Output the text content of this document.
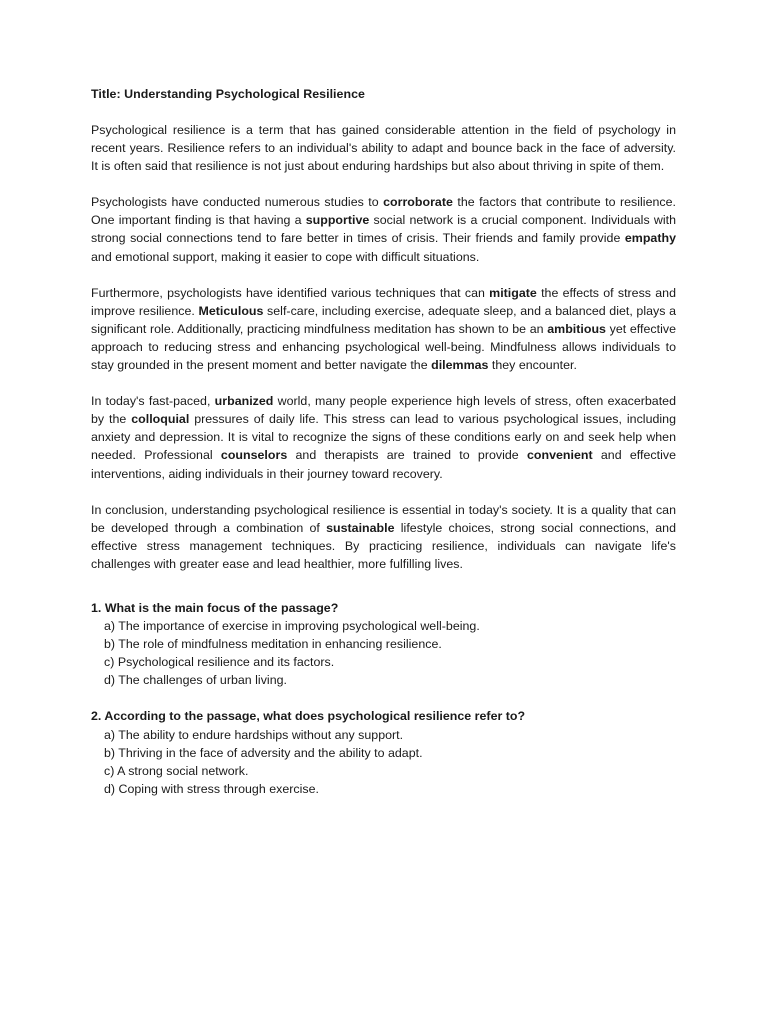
Title: Understanding Psychological Resilience

Psychological resilience is a term that has gained considerable attention in the field of psychology in recent years. Resilience refers to an individual's ability to adapt and bounce back in the face of adversity. It is often said that resilience is not just about enduring hardships but also about thriving in spite of them.

Psychologists have conducted numerous studies to corroborate the factors that contribute to resilience. One important finding is that having a supportive social network is a crucial component. Individuals with strong social connections tend to fare better in times of crisis. Their friends and family provide empathy and emotional support, making it easier to cope with difficult situations.

Furthermore, psychologists have identified various techniques that can mitigate the effects of stress and improve resilience. Meticulous self-care, including exercise, adequate sleep, and a balanced diet, plays a significant role. Additionally, practicing mindfulness meditation has shown to be an ambitious yet effective approach to reducing stress and enhancing psychological well-being. Mindfulness allows individuals to stay grounded in the present moment and better navigate the dilemmas they encounter.

In today's fast-paced, urbanized world, many people experience high levels of stress, often exacerbated by the colloquial pressures of daily life. This stress can lead to various psychological issues, including anxiety and depression. It is vital to recognize the signs of these conditions early on and seek help when needed. Professional counselors and therapists are trained to provide convenient and effective interventions, aiding individuals in their journey toward recovery.

In conclusion, understanding psychological resilience is essential in today's society. It is a quality that can be developed through a combination of sustainable lifestyle choices, strong social connections, and effective stress management techniques. By practicing resilience, individuals can navigate life's challenges with greater ease and lead healthier, more fulfilling lives.

1. What is the main focus of the passage?

a) The importance of exercise in improving psychological well-being.
b) The role of mindfulness meditation in enhancing resilience.
c) Psychological resilience and its factors.
d) The challenges of urban living.

2. According to the passage, what does psychological resilience refer to?

a) The ability to endure hardships without any support.
b) Thriving in the face of adversity and the ability to adapt.
c) A strong social network.
d) Coping with stress through exercise.
